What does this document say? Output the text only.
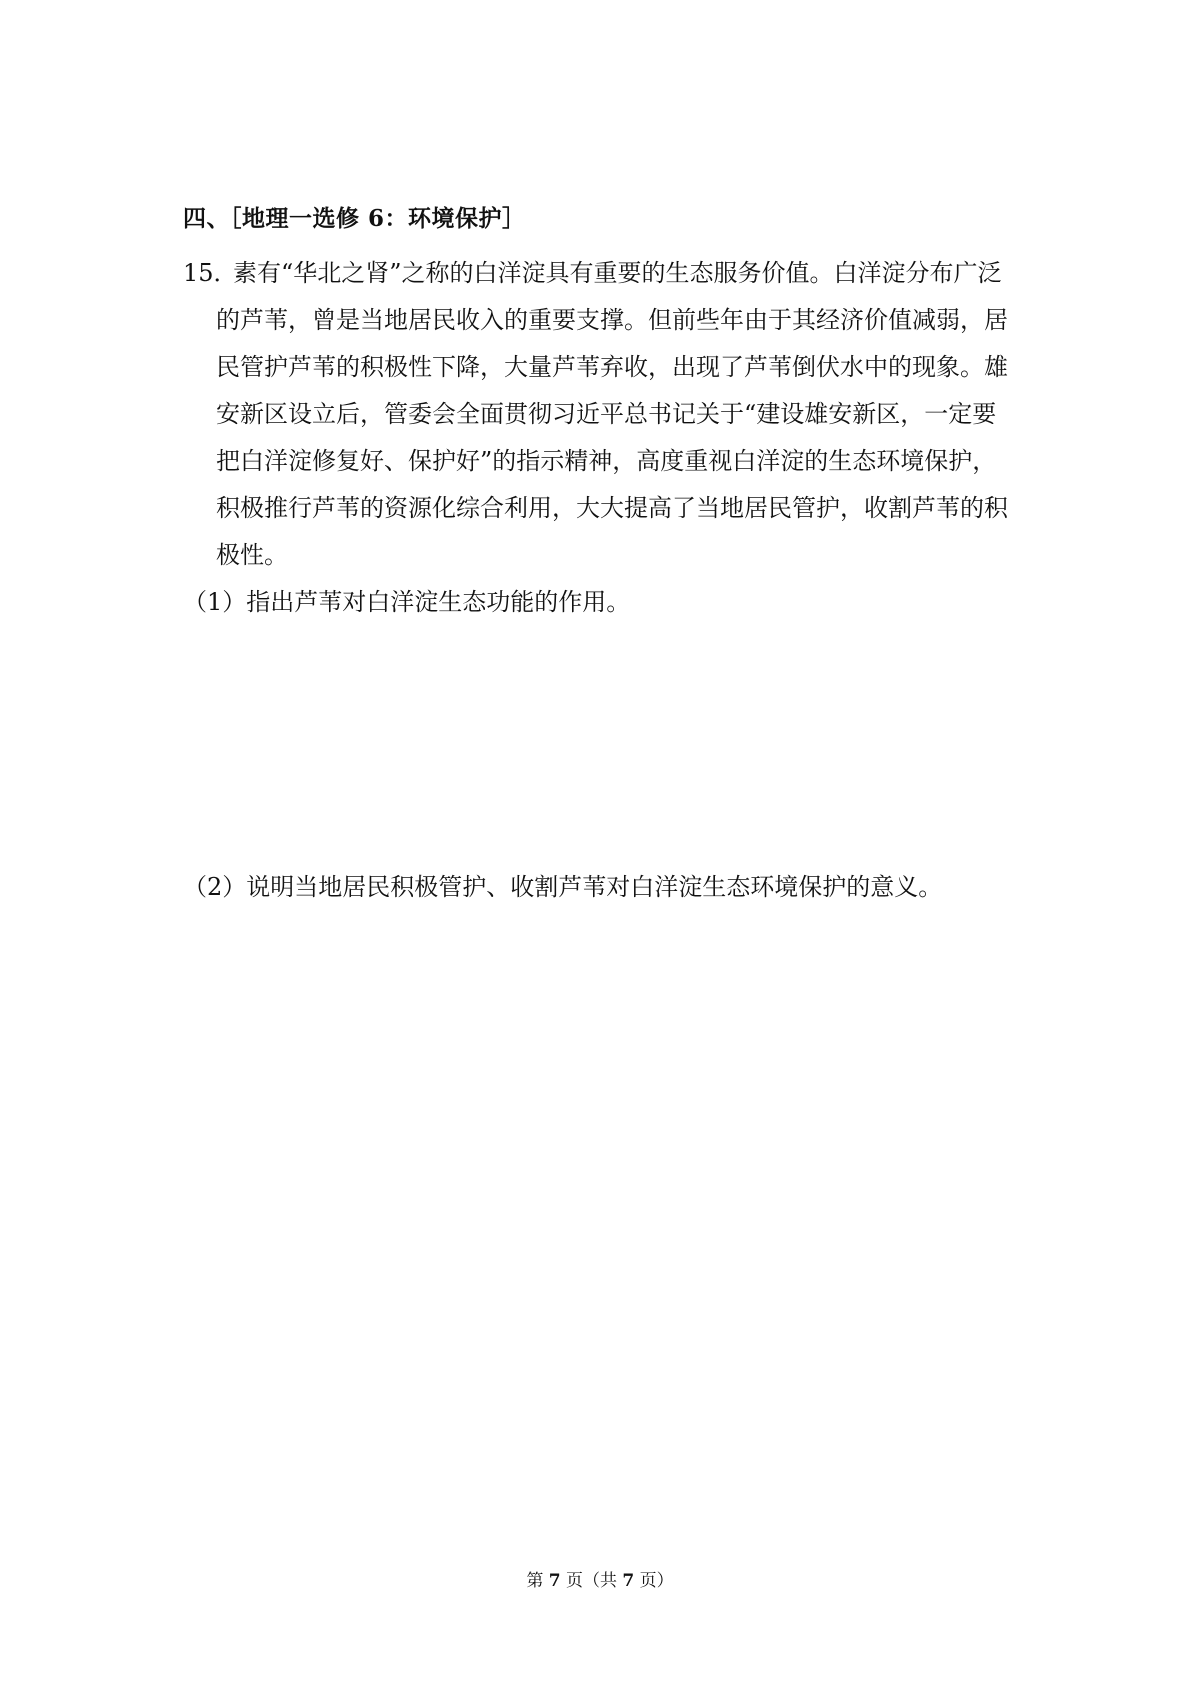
四、［地理一选修 6：环境保护］
15．素有“华北之肾”之称的白洋淀具有重要的生态服务价值。白洋淀分布广泛
的芦苇，曾是当地居民收入的重要支撑。但前些年由于其经济价值减弱，居
民管护芦苇的积极性下降，大量芦苇弃收，出现了芦苇倒伏水中的现象。雄
安新区设立后，管委会全面贯彻习近平总书记关于“建设雄安新区，一定要
把白洋淀修复好、保护好”的指示精神，高度重视白洋淀的生态环境保护，
积极推行芦苇的资源化综合利用，大大提高了当地居民管护，收割芦苇的积
极性。
（1）指出芦苇对白洋淀生态功能的作用。
（2）说明当地居民积极管护、收割芦苇对白洋淀生态环境保护的意义。
第 7 页（共 7 页）
